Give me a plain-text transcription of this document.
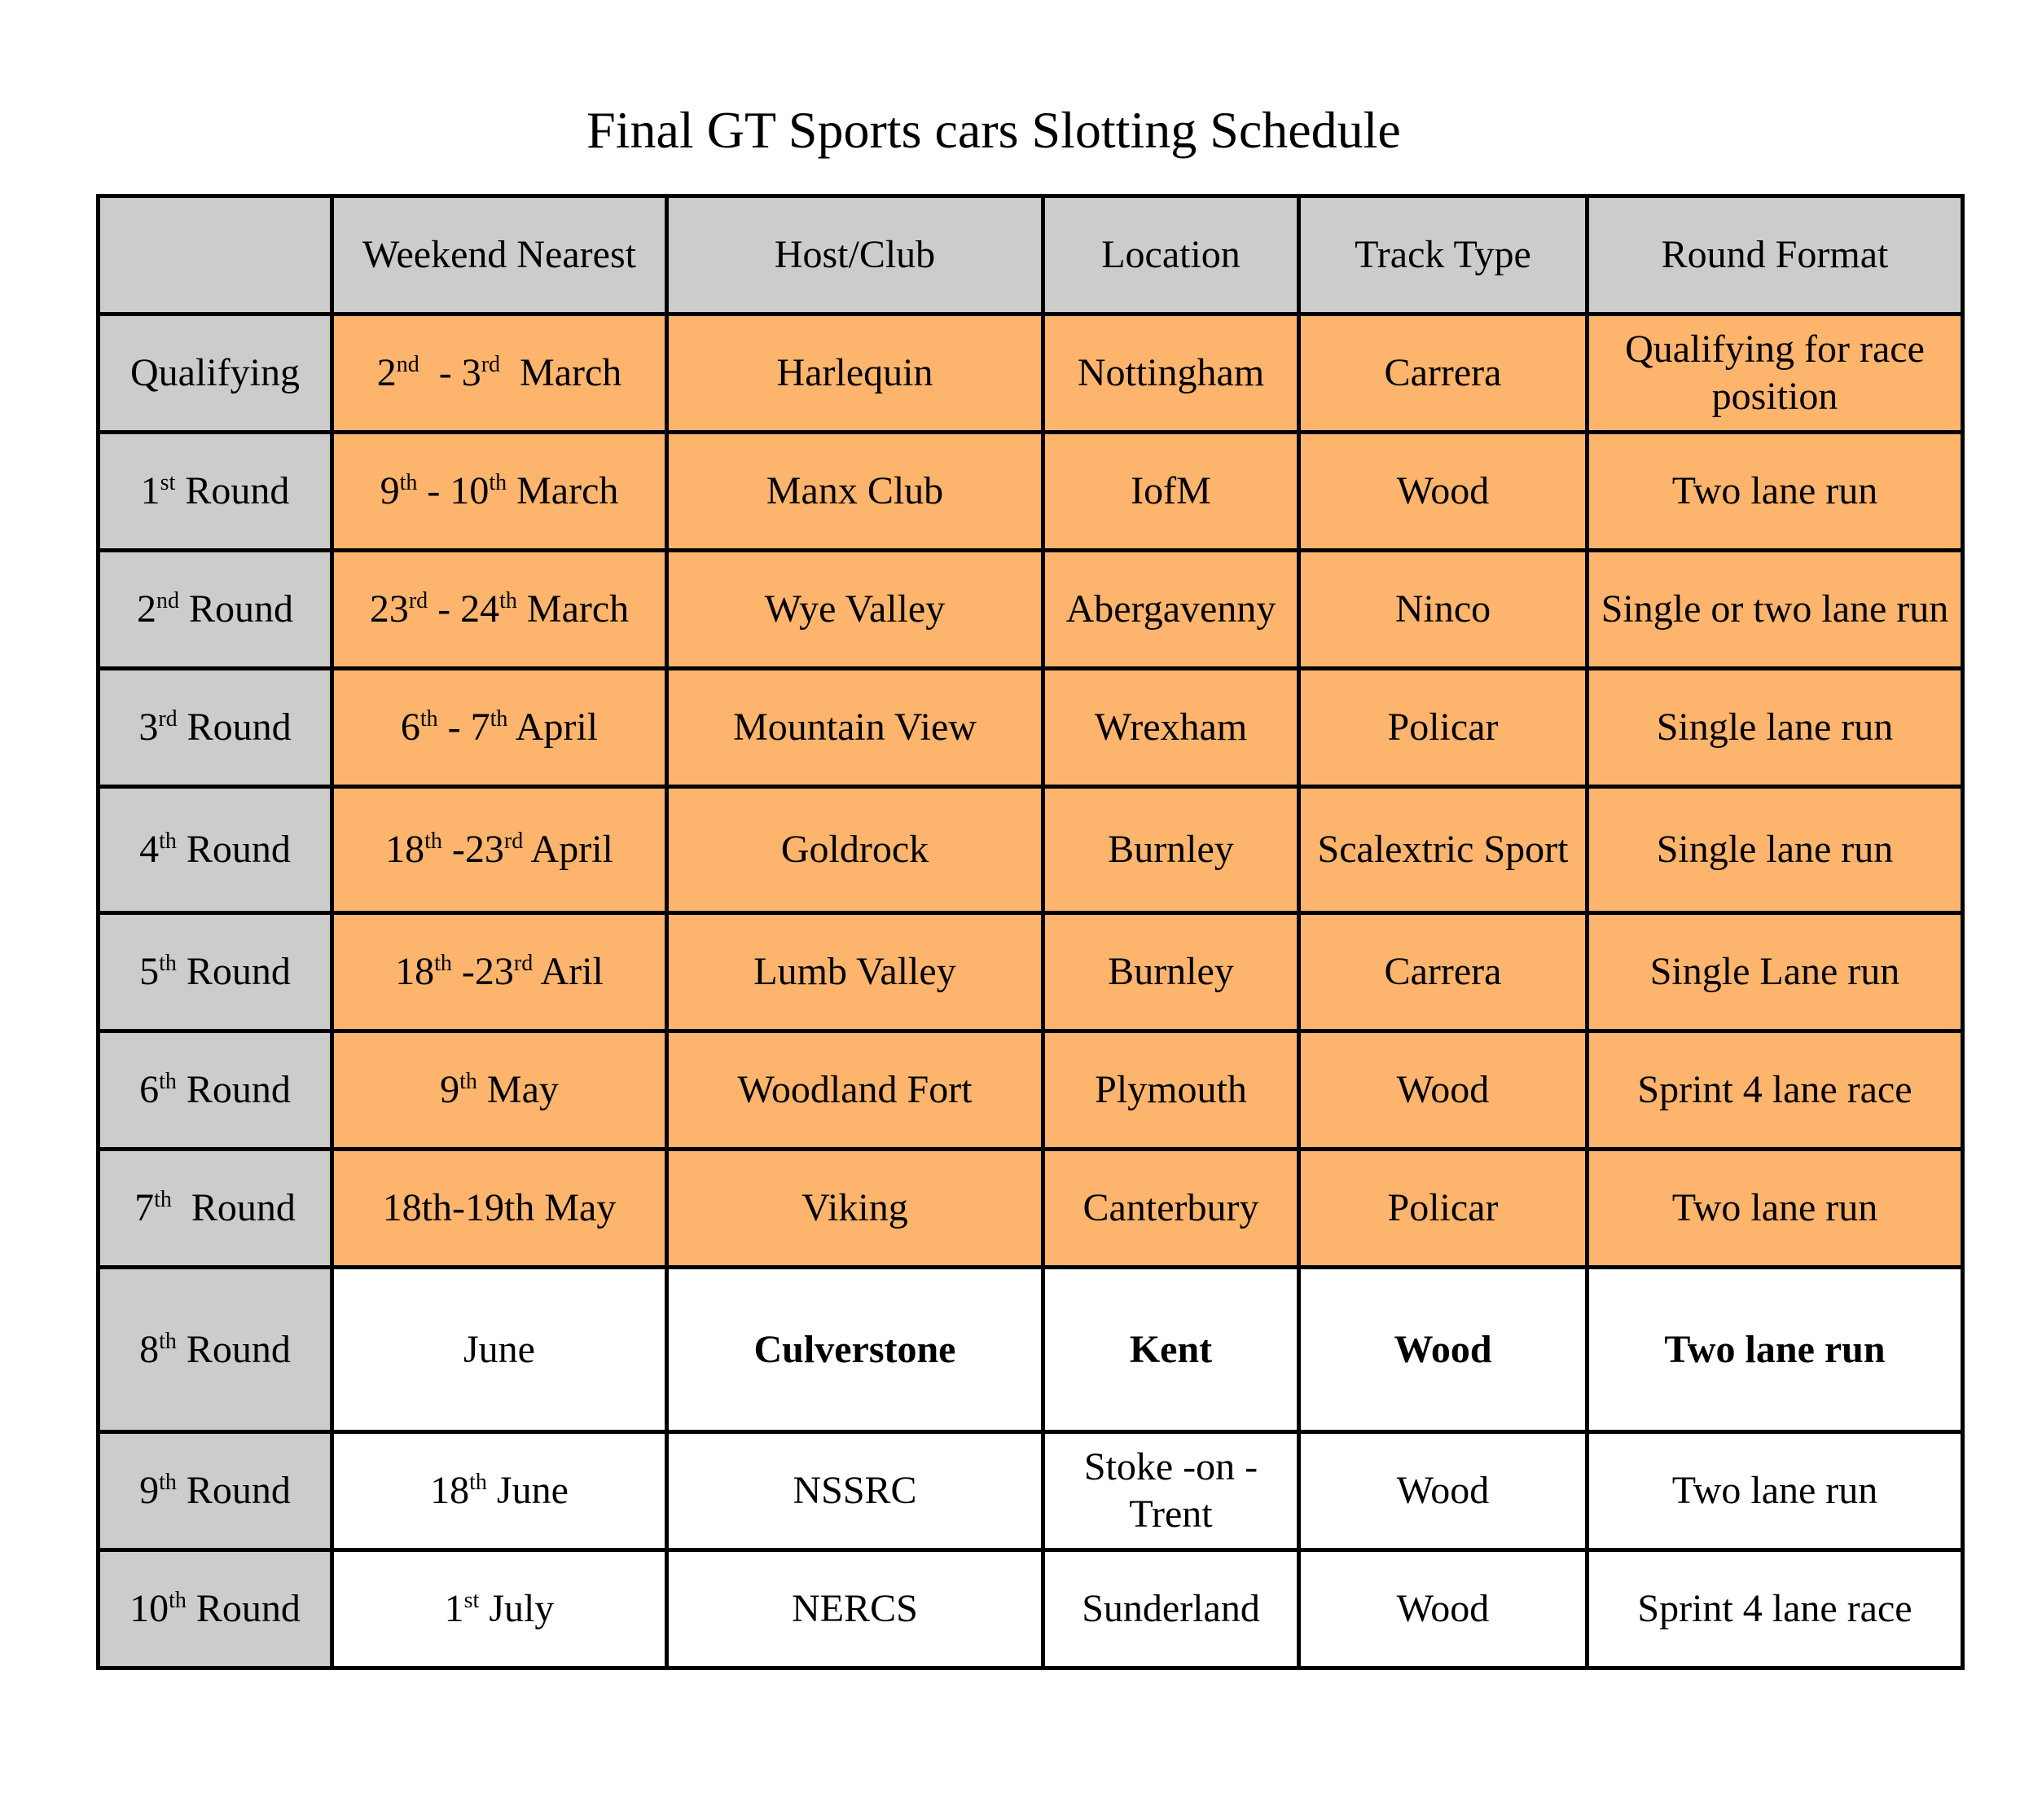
Final GT Sports cars Slotting Schedule
	Weekend Nearest	Host/Club	Location	Track Type	Round Format
Qualifying	2nd  - 3rd  March	Harlequin	Nottingham	Carrera	Qualifying for race position
1st Round	9th - 10th March	Manx Club	IofM	Wood	Two lane run
2nd Round	23rd - 24th March	Wye Valley	Abergavenny	Ninco	Single or two lane run
3rd Round	6th - 7th April	Mountain View	Wrexham	Policar	Single lane run
4th Round	18th -23rd April	Goldrock	Burnley	Scalextric Sport	Single lane run
5th Round	18th -23rd Aril	Lumb Valley	Burnley	Carrera	Single Lane run
6th Round	9th May	Woodland Fort	Plymouth	Wood	Sprint 4 lane race
7th  Round	18th-19th May	Viking	Canterbury	Policar	Two lane run
8th Round	June	Culverstone	Kent	Wood	Two lane run
9th Round	18th June	NSSRC	Stoke -on - Trent	Wood	Two lane run
10th Round	1st July	NERCS	Sunderland	Wood	Sprint 4 lane race
